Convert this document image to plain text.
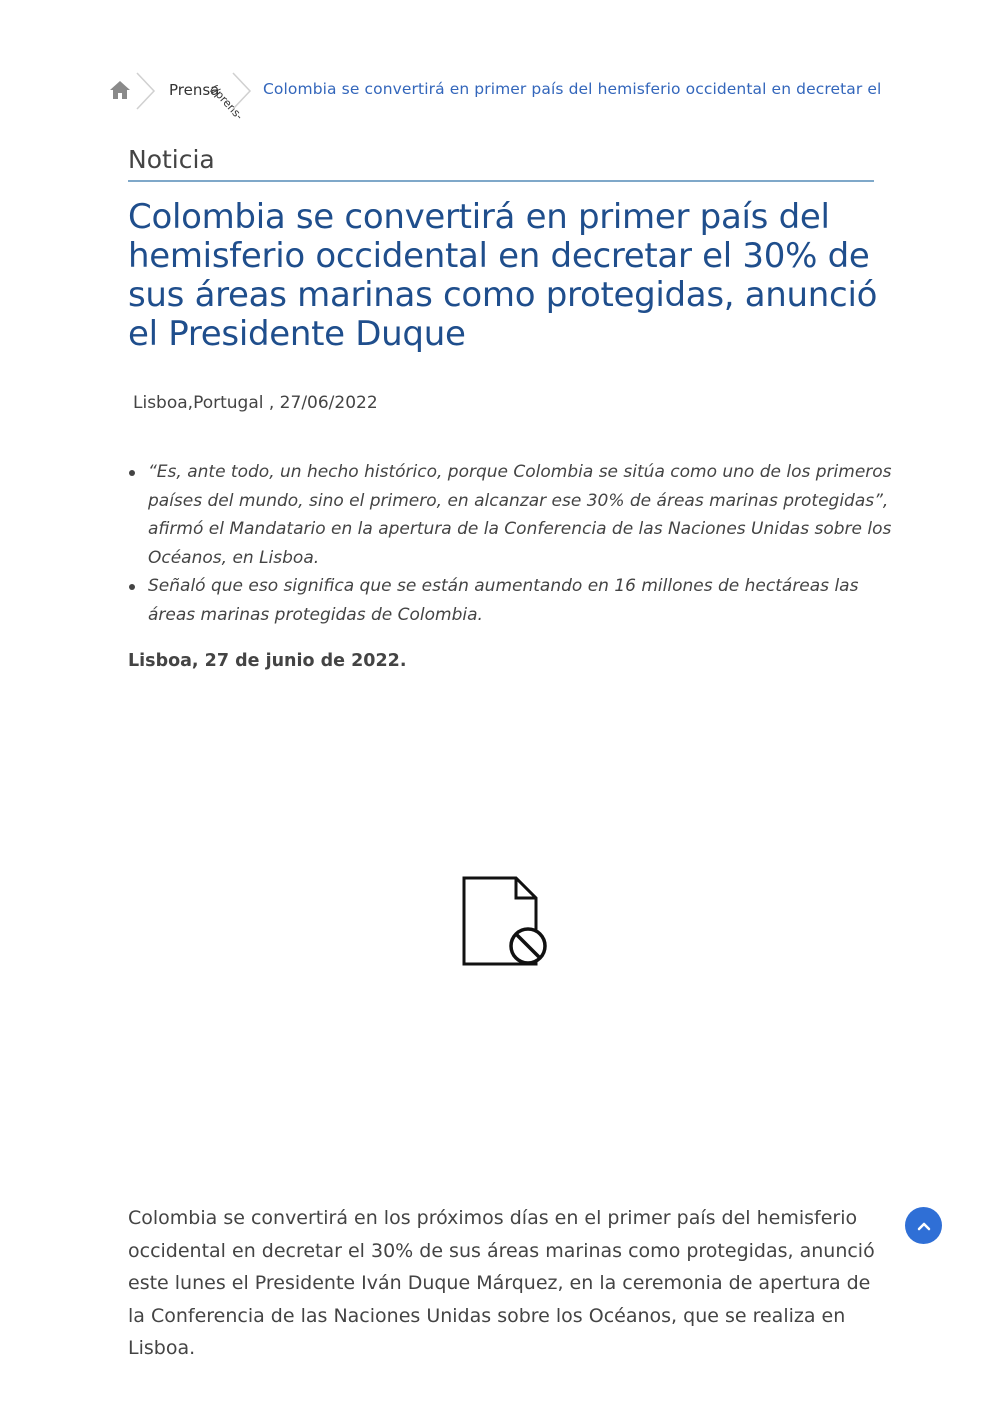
Prensa
(/prens- Colombia se convertirá en primer país del hemisferio occidental en decretar el
Noticia
Colombia se convertirá en primer país del hemisferio occidental en decretar el 30% de sus áreas marinas como protegidas, anunció el Presidente Duque
Lisboa,Portugal , 27/06/2022
“Es, ante todo, un hecho histórico, porque Colombia se sitúa como uno de los primeros países del mundo, sino el primero, en alcanzar ese 30% de áreas marinas protegidas”, afirmó el Mandatario en la apertura de la Conferencia de las Naciones Unidas sobre los Océanos, en Lisboa.
Señaló que eso significa que se están aumentando en 16 millones de hectáreas las áreas marinas protegidas de Colombia.
Lisboa, 27 de junio de 2022.

Colombia se convertirá en los próximos días en el primer país del hemisferio occidental en decretar el 30% de sus áreas marinas como protegidas, anunció este lunes el Presidente Iván Duque Márquez, en la ceremonia de apertura de la Conferencia de las Naciones Unidas sobre los Océanos, que se realiza en Lisboa.
